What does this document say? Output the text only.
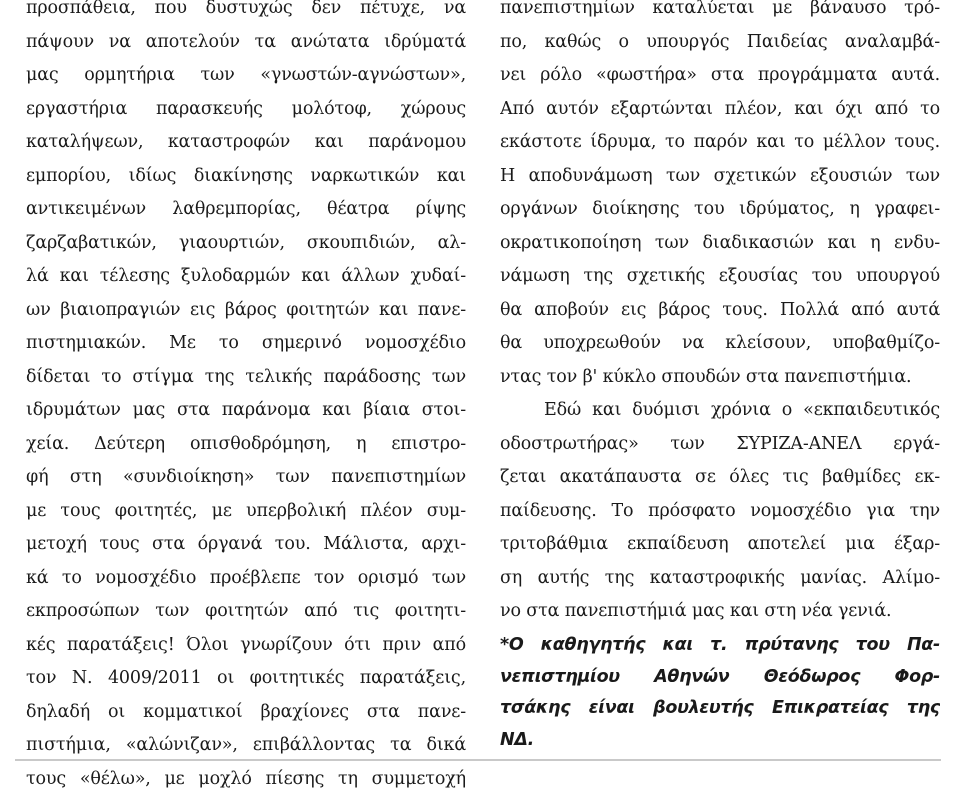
προσπάθεια, που δυστυχώς δεν πέτυχε, να
πάψουν να αποτελούν τα ανώτατα ιδρύματά
μας ορμητήρια των «γνωστών-αγνώστων»,
εργαστήρια παρασκευής μολότοφ, χώρους
καταλήψεων, καταστροφών και παράνομου
εμπορίου, ιδίως διακίνησης ναρκωτικών και
αντικειμένων λαθρεμπορίας, θέατρα ρίψης
ζαρζαβατικών, γιαουρτιών, σκουπιδιών, αλ-
λά και τέλεσης ξυλοδαρμών και άλλων χυδαί-
ων βιαιοπραγιών εις βάρος φοιτητών και πανε-
πιστημιακών. Με το σημερινό νομοσχέδιο
δίδεται το στίγμα της τελικής παράδοσης των
ιδρυμάτων μας στα παράνομα και βίαια στοι-
χεία. Δεύτερη οπισθοδρόμηση, η επιστρο-
φή στη «συνδιοίκηση» των πανεπιστημίων
με τους φοιτητές, με υπερβολική πλέον συμ-
μετοχή τους στα όργανά του. Μάλιστα, αρχι-
κά το νομοσχέδιο προέβλεπε τον ορισμό των
εκπροσώπων των φοιτητών από τις φοιτητι-
κές παρατάξεις! Όλοι γνωρίζουν ότι πριν από
τον Ν. 4009/2011 οι φοιτητικές παρατάξεις,
δηλαδή οι κομματικοί βραχίονες στα πανε-
πιστήμια, «αλώνιζαν», επιβάλλοντας τα δικά
τους «θέλω», με μοχλό πίεσης τη συμμετοχή
πανεπιστημίων καταλύεται με βάναυσο τρό-
πο, καθώς ο υπουργός Παιδείας αναλαμβά-
νει ρόλο «φωστήρα» στα προγράμματα αυτά.
Από αυτόν εξαρτώνται πλέον, και όχι από το
εκάστοτε ίδρυμα, το παρόν και το μέλλον τους.
Η αποδυνάμωση των σχετικών εξουσιών των
οργάνων διοίκησης του ιδρύματος, η γραφει-
οκρατικοποίηση των διαδικασιών και η ενδυ-
νάμωση της σχετικής εξουσίας του υπουργού
θα αποβούν εις βάρος τους. Πολλά από αυτά
θα υποχρεωθούν να κλείσουν, υποβαθμίζο-
ντας τον β' κύκλο σπουδών στα πανεπιστήμια.
Εδώ και δυόμισι χρόνια ο «εκπαιδευτικός
οδοστρωτήρας» των ΣΥΡΙΖΑ-ΑΝΕΛ εργά-
ζεται ακατάπαυστα σε όλες τις βαθμίδες εκ-
παίδευσης. Το πρόσφατο νομοσχέδιο για την
τριτοβάθμια εκπαίδευση αποτελεί μια έξαρ-
ση αυτής της καταστροφικής μανίας. Αλίμο-
νο στα πανεπιστήμιά μας και στη νέα γενιά.
*Ο καθηγητής και τ. πρύτανης του Πα-
νεπιστημίου Αθηνών Θεόδωρος Φορ-
τσάκης είναι βουλευτής Επικρατείας της
ΝΔ.
